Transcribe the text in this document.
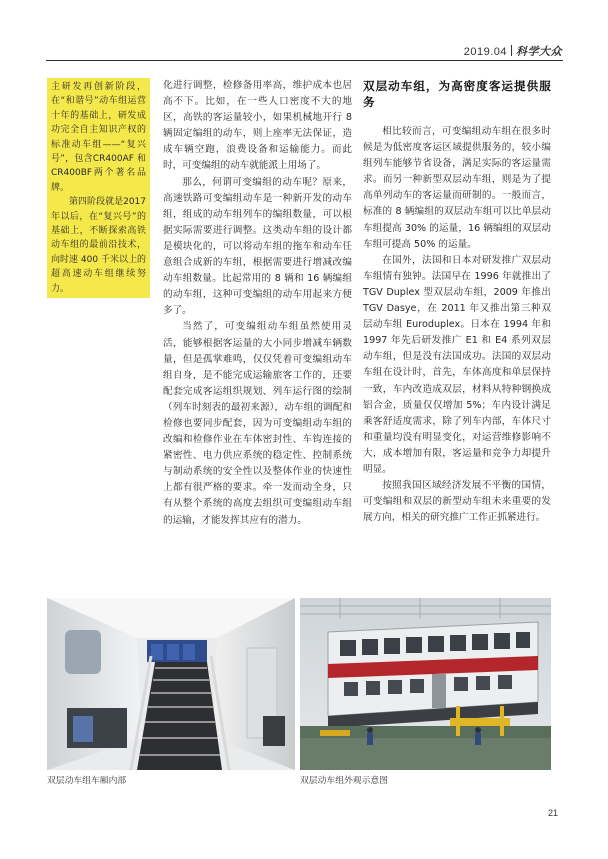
2019.04 科学大众

主研发再创新阶段，在“和谐号”动车组运营十年的基础上，研发成功完全自主知识产权的标准动车组——“复兴号”，包含CR400AF 和 CR400BF两个著名品牌。

第四阶段就是2017年以后，在“复兴号”的基础上，不断探索高铁动车组的最前沿技术，向时速 400 千米以上的超高速动车组继续努力。

化进行调整，检修备用率高，维护成本也居高不下。比如，在一些人口密度不大的地区，高铁的客运量较小，如果机械地开行 8 辆固定编组的动车，则上座率无法保证，造成车辆空跑，浪费设备和运输能力。而此时，可变编组的动车就能派上用场了。

那么，何谓可变编组的动车呢？原来，高速铁路可变编组动车是一种新开发的动车组，组成的动车组列车的编组数量，可以根据实际需要进行调整。这类动车组的设计都是模块化的，可以将动车组的拖车和动车任意组合成新的车组，根据需要进行增减改编动车组数量。比起常用的 8 辆和 16 辆编组的动车组，这种可变编组的动车用起来方便多了。

当然了，可变编组动车组虽然使用灵活，能够根据客运量的大小同步增减车辆数量，但是孤掌难鸣，仅仅凭着可变编组动车组自身，是不能完成运输旅客工作的，还要配套完成客运组织规划、列车运行图的绘制（列车时刻表的最初来源），动车组的调配和检修也要同步配套，因为可变编组动车组的改编和检修作业在车体密封性、车钩连接的紧密性、电力供应系统的稳定性、控制系统与制动系统的安全性以及整体作业的快速性上都有很严格的要求。牵一发而动全身，只有从整个系统的高度去组织可变编组动车组的运输，才能发挥其应有的潜力。

双层动车组，为高密度客运提供服务

相比较而言，可变编组动车组在很多时候是为低密度客运区域提供服务的，较小编组列车能够节省设备，满足实际的客运量需求。而另一种新型双层动车组，则是为了提高单列动车的客运量而研制的。一般而言，标准的 8 辆编组的双层动车组可以比单层动车组提高 30% 的运量，16 辆编组的双层动车组可提高 50% 的运量。

在国外，法国和日本对研发推广双层动车组情有独钟。法国早在 1996 年就推出了 TGV Duplex 型双层动车组，2009 年推出 TGV Dasye，在 2011 年又推出第三种双层动车组 Euroduplex。日本在 1994 年和 1997 年先后研发推广 E1 和 E4 系列双层动车组，但是没有法国成功。法国的双层动车组在设计时，首先，车体高度和单层保持一致，车内改造成双层，材料从特种钢换成铝合金，质量仅仅增加 5%；车内设计满足乘客舒适度需求，除了列车内部，车体尺寸和重量均没有明显变化，对运营维修影响不大，成本增加有限，客运量和竞争力却提升明显。

按照我国区域经济发展不平衡的国情，可变编组和双层的新型动车组未来重要的发展方向，相关的研究推广工作正抓紧进行。

双层动车组车厢内部	双层动车组外观示意图
21
